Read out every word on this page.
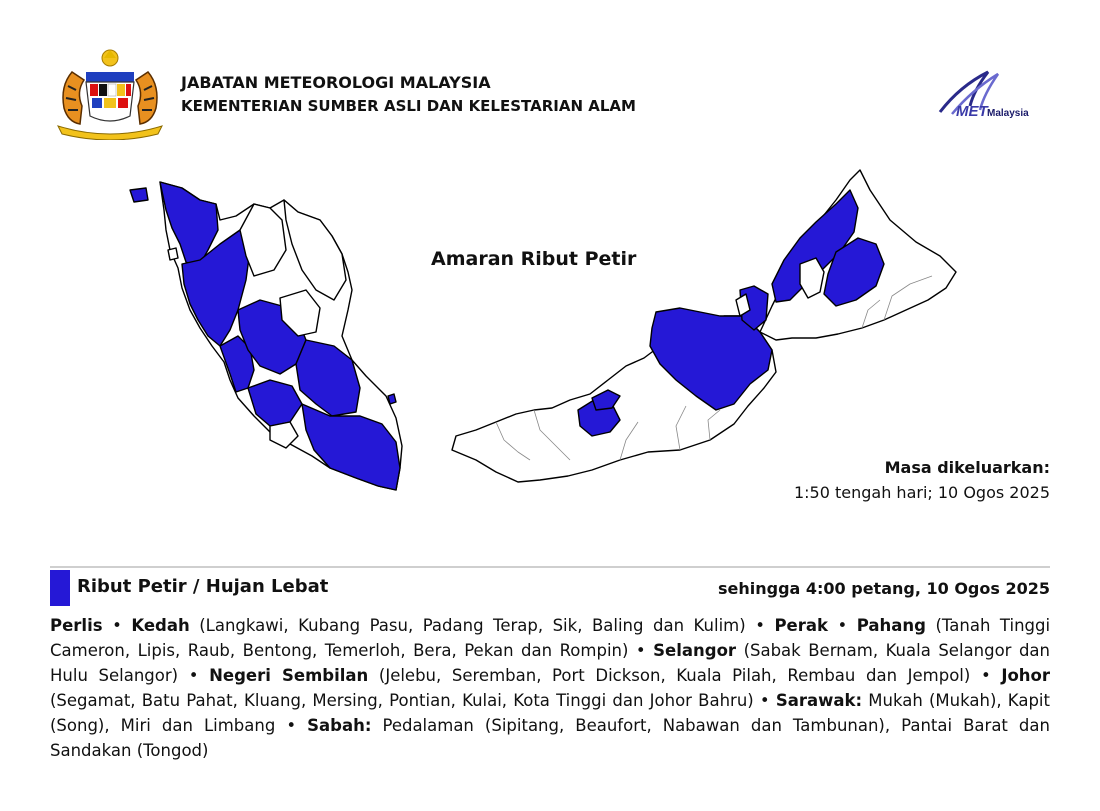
JABATAN METEOROLOGI MALAYSIA
KEMENTERIAN SUMBER ASLI DAN KELESTARIAN ALAM	MET Malaysia
Amaran Ribut Petir
Masa dikeluarkan:
1:50 tengah hari; 10 Ogos 2025
Ribut Petir / Hujan Lebat	sehingga 4:00 petang, 10 Ogos 2025
Perlis • Kedah (Langkawi, Kubang Pasu, Padang Terap, Sik, Baling dan Kulim) • Perak • Pahang (Tanah Tinggi Cameron, Lipis, Raub, Bentong, Temerloh, Bera, Pekan dan Rompin) • Selangor (Sabak Bernam, Kuala Selangor dan Hulu Selangor) • Negeri Sembilan (Jelebu, Seremban, Port Dickson, Kuala Pilah, Rembau dan Jempol) • Johor (Segamat, Batu Pahat, Kluang, Mersing, Pontian, Kulai, Kota Tinggi dan Johor Bahru) • Sarawak: Mukah (Mukah), Kapit (Song), Miri dan Limbang • Sabah: Pedalaman (Sipitang, Beaufort, Nabawan dan Tambunan), Pantai Barat dan Sandakan (Tongod)
